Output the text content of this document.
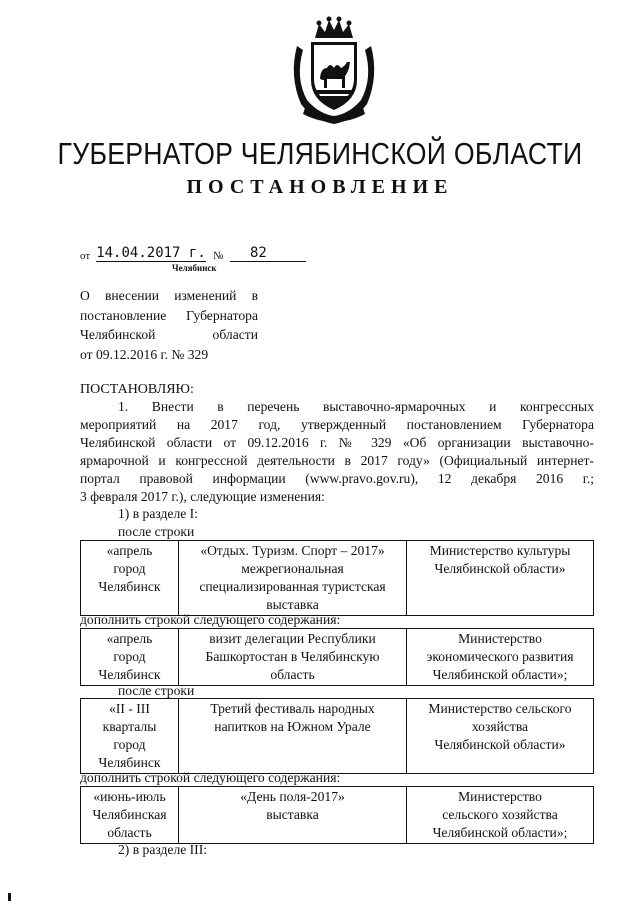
ГУБЕРНАТОР ЧЕЛЯБИНСКОЙ ОБЛАСТИ
ПОСТАНОВЛЕНИЕ
от 14.04.2017 г. №	82
Челябинск
О внесении изменений в
постановление Губернатора
Челябинской области
от 09.12.2016 г. № 329
ПОСТАНОВЛЯЮ:
1. Внести в перечень выставочно-ярмарочных и конгрессных
мероприятий на 2017 год, утвержденный постановлением Губернатора
Челябинской области от 09.12.2016 г. № 329 «Об организации выставочно-
ярмарочной и конгрессной деятельности в 2017 году» (Официальный интернет-
портал правовой информации (www.pravo.gov.ru), 12 декабря 2016 г.;
3 февраля 2017 г.), следующие изменения:
1) в разделе I:
после строки
«апрель
город
Челябинск

«Отдых. Туризм. Спорт – 2017»
межрегиональная
специализированная туристская
выставка

Министерство культуры
Челябинской области»
дополнить строкой следующего содержания:
«апрель
город
Челябинск

визит делегации Республики
Башкортостан в Челябинскую
область

Министерство
экономического развития
Челябинской области»;
после строки
«II - III
кварталы
город
Челябинск

Третий фестиваль народных
напитков на Южном Урале

Министерство сельского
хозяйства
Челябинской области»
дополнить строкой следующего содержания:
«июнь-июль
Челябинская
область

«День поля-2017»
выставка

Министерство
сельского хозяйства
Челябинской области»;
2) в разделе III:
